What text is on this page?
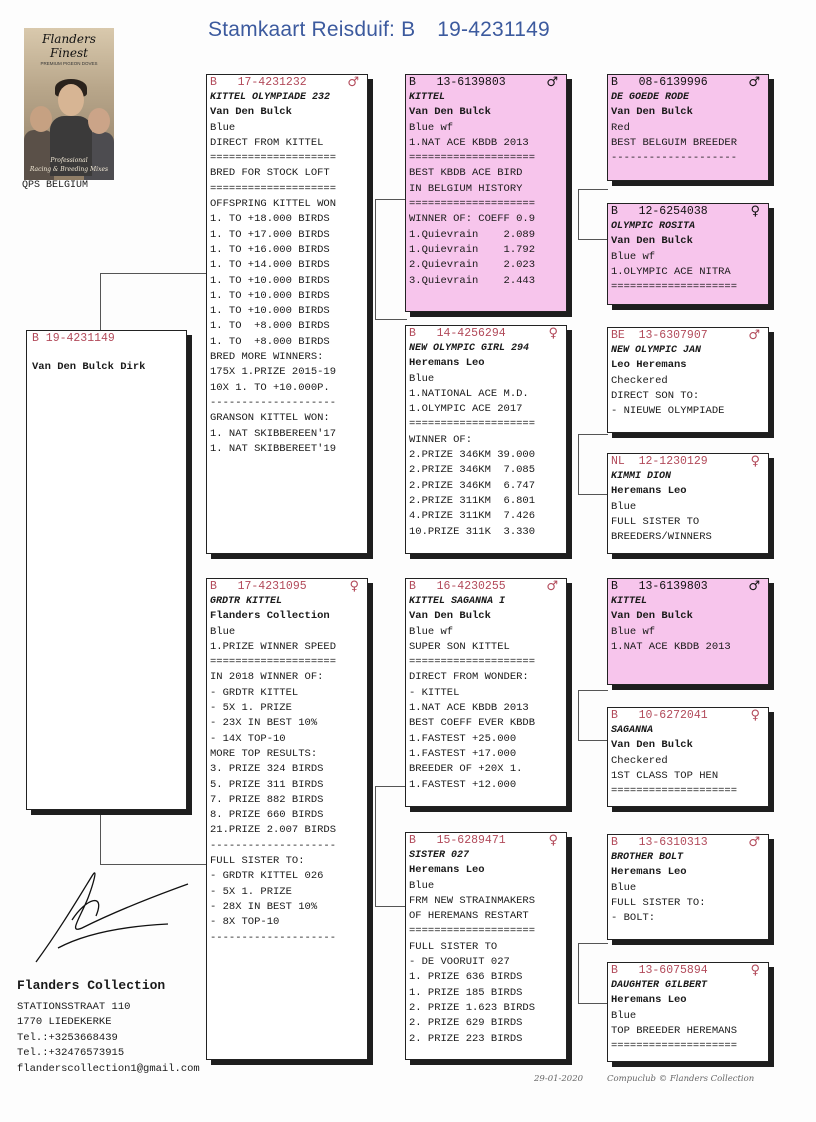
Stamkaart Reisduif: B 19-4231149
Flanders Finest
PREMIUM PIGEON DOVES
Professional
Racing & Breeding Mixes
QPS BELGIUM
B 19-4231149
Van Den Bulck Dirk
B   17-4231232	♂
KITTEL OLYMPIADE 232
Van Den Bulck
Blue
DIRECT FROM KITTEL
====================
BRED FOR STOCK LOFT
====================
OFFSPRING KITTEL WON
1. TO +18.000 BIRDS
1. TO +17.000 BIRDS
1. TO +16.000 BIRDS
1. TO +14.000 BIRDS
1. TO +10.000 BIRDS
1. TO +10.000 BIRDS
1. TO +10.000 BIRDS
1. TO  +8.000 BIRDS
1. TO  +8.000 BIRDS
BRED MORE WINNERS:
175X 1.PRIZE 2015-19
10X 1. TO +10.000P.
--------------------
GRANSON KITTEL WON:
1. NAT SKIBBEREEN'17
1. NAT SKIBBEREET'19
B   17-4231095	♀
GRDTR KITTEL
Flanders Collection
Blue
1.PRIZE WINNER SPEED
====================
IN 2018 WINNER OF:
- GRDTR KITTEL
- 5X 1. PRIZE
- 23X IN BEST 10%
- 14X TOP-10
MORE TOP RESULTS:
3. PRIZE 324 BIRDS
5. PRIZE 311 BIRDS
7. PRIZE 882 BIRDS
8. PRIZE 660 BIRDS
21.PRIZE 2.007 BIRDS
--------------------
FULL SISTER TO:
- GRDTR KITTEL 026
- 5X 1. PRIZE
- 28X IN BEST 10%
- 8X TOP-10
--------------------
B   13-6139803	♂
KITTEL
Van Den Bulck
Blue wf
1.NAT ACE KBDB 2013
====================
BEST KBDB ACE BIRD
IN BELGIUM HISTORY
====================
WINNER OF: COEFF 0.9
1.Quievrain    2.089
1.Quievrain    1.792
2.Quievrain    2.023
3.Quievrain    2.443
B   14-4256294	♀
NEW OLYMPIC GIRL 294
Heremans Leo
Blue
1.NATIONAL ACE M.D.
1.OLYMPIC ACE 2017
====================
WINNER OF:
2.PRIZE 346KM 39.000
2.PRIZE 346KM  7.085
2.PRIZE 346KM  6.747
2.PRIZE 311KM  6.801
4.PRIZE 311KM  7.426
10.PRIZE 311K  3.330
B   16-4230255	♂
KITTEL SAGANNA I
Van Den Bulck
Blue wf
SUPER SON KITTEL
====================
DIRECT FROM WONDER:
- KITTEL
1.NAT ACE KBDB 2013
BEST COEFF EVER KBDB
1.FASTEST +25.000
1.FASTEST +17.000
BREEDER OF +20X 1.
1.FASTEST +12.000
B   15-6289471	♀
SISTER 027
Heremans Leo
Blue
FRM NEW STRAINMAKERS
OF HEREMANS RESTART
====================
FULL SISTER TO
- DE VOORUIT 027
1. PRIZE 636 BIRDS
1. PRIZE 185 BIRDS
2. PRIZE 1.623 BIRDS
2. PRIZE 629 BIRDS
2. PRIZE 223 BIRDS
B   08-6139996	♂
DE GOEDE RODE
Van Den Bulck
Red
BEST BELGUIM BREEDER
--------------------
B   12-6254038	♀
OLYMPIC ROSITA
Van Den Bulck
Blue wf
1.OLYMPIC ACE NITRA
====================
BE  13-6307907	♂
NEW OLYMPIC JAN
Leo Heremans
Checkered
DIRECT SON TO:
- NIEUWE OLYMPIADE
NL  12-1230129	♀
KIMMI DION
Heremans Leo
Blue
FULL SISTER TO
BREEDERS/WINNERS
B   13-6139803	♂
KITTEL
Van Den Bulck
Blue wf
1.NAT ACE KBDB 2013
B   10-6272041	♀
SAGANNA
Van Den Bulck
Checkered
1ST CLASS TOP HEN
====================
B   13-6310313	♂
BROTHER BOLT
Heremans Leo
Blue
FULL SISTER TO:
- BOLT:
B   13-6075894	♀
DAUGHTER GILBERT
Heremans Leo
Blue
TOP BREEDER HEREMANS
====================
Flanders Collection
STATIONSSTRAAT 110
1770 LIEDEKERKE
Tel.:+3253668439
Tel.:+32476573915
flanderscollection1@gmail.com
29-01-2020	Compuclub © Flanders Collection
